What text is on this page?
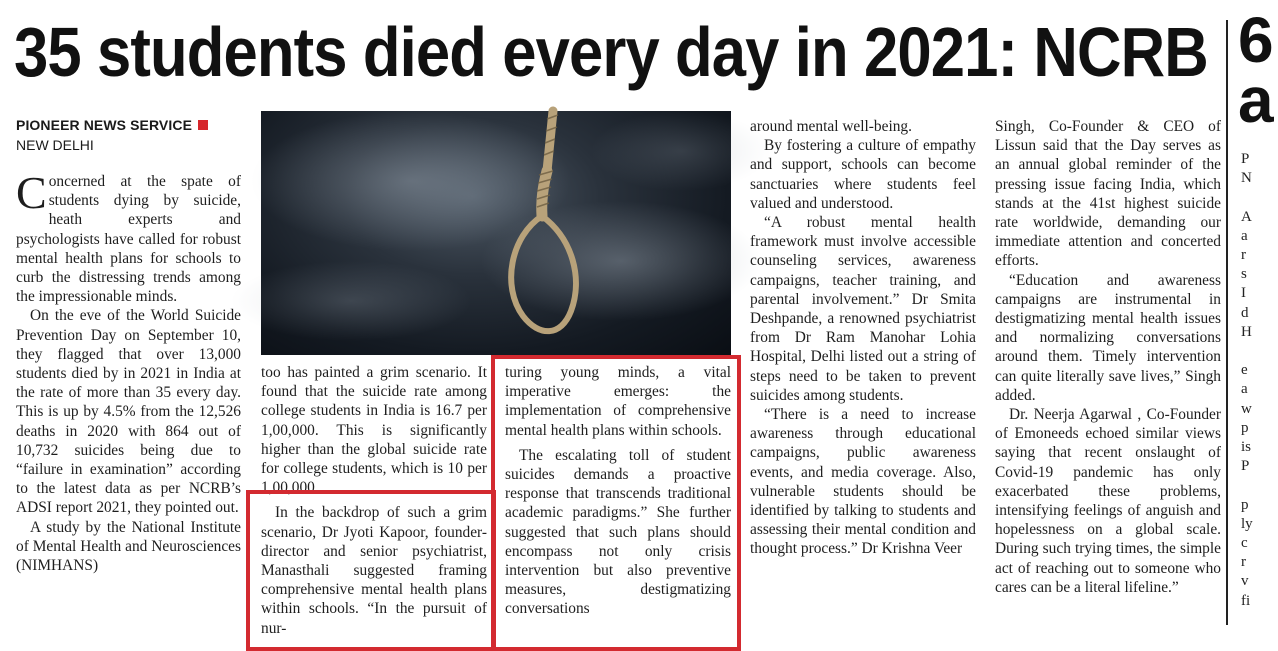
35 students died every day in 2021: NCRB 6
a
PIONEER NEWS SERVICE
NEW DELHI

Concerned at the spate of students dying by suicide, heath experts and psychologists have called for robust mental health plans for schools to curb the distressing trends among the impressionable minds.

On the eve of the World Suicide Prevention Day on September 10, they flagged that over 13,000 students died by in 2021 in India at the rate of more than 35 every day. This is up by 4.5% from the 12,526 deaths in 2020 with 864 out of 10,732 suicides being due to “failure in examination” according to the latest data as per NCRB’s ADSI report 2021, they pointed out.

A study by the National Institute of Mental Health and Neurosciences (NIMHANS)

too has painted a grim scenario. It found that the suicide rate among college students in India is 16.7 per 1,00,000. This is significantly higher than the global suicide rate for college students, which is 10 per 1,00,000.

In the backdrop of such a grim scenario, Dr Jyoti Kapoor, founder-director and senior psychiatrist, Manasthali suggested framing comprehensive mental health plans within schools. “In the pursuit of nur-

turing young minds, a vital imperative emerges: the implementation of comprehensive mental health plans within schools.

The escalating toll of student suicides demands a proactive response that transcends traditional academic paradigms.” She further suggested that such plans should encompass not only crisis intervention but also preventive measures, destigmatizing conversations

around mental well-being.

By fostering a culture of empathy and support, schools can become sanctuaries where students feel valued and understood.

“A robust mental health framework must involve accessible counseling services, awareness campaigns, teacher training, and parental involvement.” Dr Smita Deshpande, a renowned psychiatrist from Dr Ram Manohar Lohia Hospital, Delhi listed out a string of steps need to be taken to prevent suicides among students.

“There is a need to increase awareness through educational campaigns, public awareness events, and media coverage. Also, vulnerable students should be identified by talking to students and assessing their mental condition and thought process.” Dr Krishna Veer

Singh, Co-Founder & CEO of Lissun said that the Day serves as an annual global reminder of the pressing issue facing India, which stands at the 41st highest suicide rate worldwide, demanding our immediate attention and concerted efforts.

“Education and awareness campaigns are instrumental in destigmatizing mental health issues and normalizing conversations around them. Timely intervention can quite literally save lives,” Singh added.

Dr. Neerja Agarwal , Co-Founder of Emoneeds echoed similar views saying that recent onslaught of Covid-19 pandemic has only exacerbated these problems, intensifying feelings of anguish and hopelessness on a global scale. During such trying times, the simple act of reaching out to someone who cares can be a literal lifeline.”

P
N

A
a
r
s
I
d
H

e
a
w
p
is
P

p
ly
c
r
v
fi
